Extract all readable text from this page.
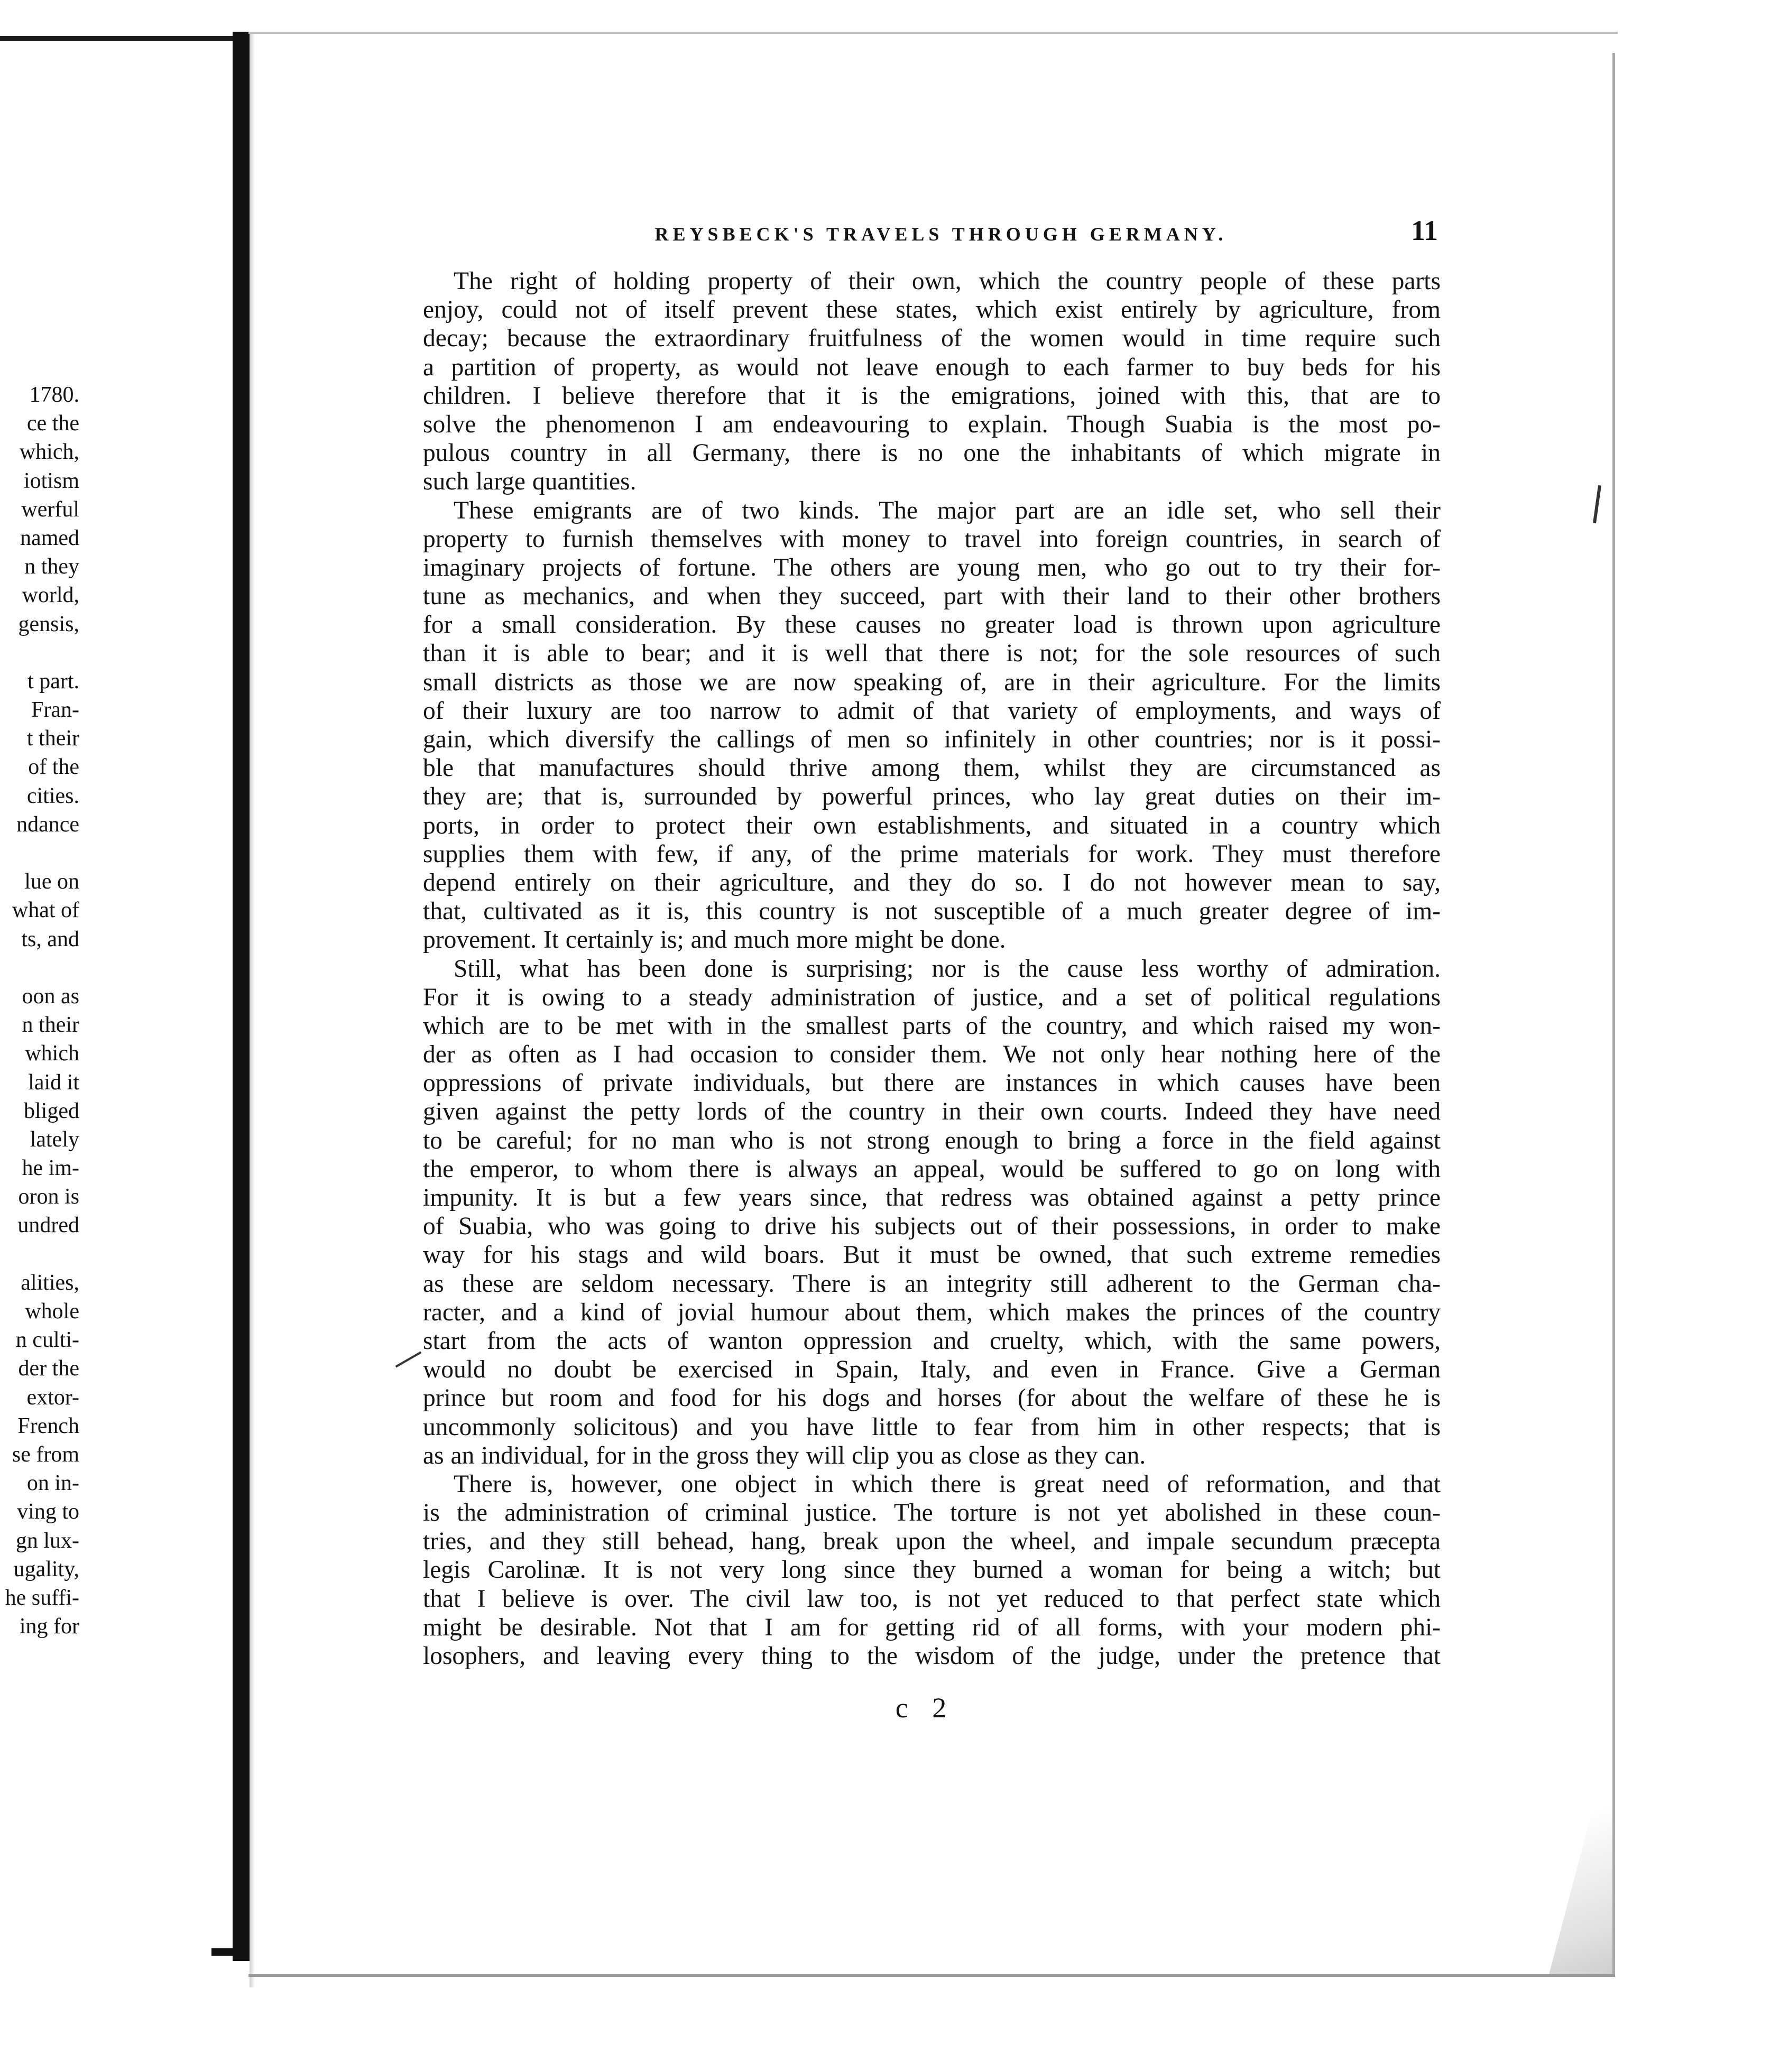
1780.
ce the
which,
iotism
werful
named
n they
world,
gensis,
t part.
Fran-
t their
of the
cities.
ndance
lue on
what of
ts, and
oon as
n their
which
laid it
bliged
lately
he im-
oron is
undred
alities,
whole
n culti-
der the
extor-
French
se from
on in-
ving to
gn lux-
ugality,
he suffi-
ing for
REYSBECK'S TRAVELS THROUGH GERMANY.	11
The right of holding property of their own, which the country people of these parts
enjoy, could not of itself prevent these states, which exist entirely by agriculture, from
decay; because the extraordinary fruitfulness of the women would in time require such
a partition of property, as would not leave enough to each farmer to buy beds for his
children. I believe therefore that it is the emigrations, joined with this, that are to
solve the phenomenon I am endeavouring to explain. Though Suabia is the most po-
pulous country in all Germany, there is no one the inhabitants of which migrate in
such large quantities.
These emigrants are of two kinds. The major part are an idle set, who sell their
property to furnish themselves with money to travel into foreign countries, in search of
imaginary projects of fortune. The others are young men, who go out to try their for-
tune as mechanics, and when they succeed, part with their land to their other brothers
for a small consideration. By these causes no greater load is thrown upon agriculture
than it is able to bear; and it is well that there is not; for the sole resources of such
small districts as those we are now speaking of, are in their agriculture. For the limits
of their luxury are too narrow to admit of that variety of employments, and ways of
gain, which diversify the callings of men so infinitely in other countries; nor is it possi-
ble that manufactures should thrive among them, whilst they are circumstanced as
they are; that is, surrounded by powerful princes, who lay great duties on their im-
ports, in order to protect their own establishments, and situated in a country which
supplies them with few, if any, of the prime materials for work. They must therefore
depend entirely on their agriculture, and they do so. I do not however mean to say,
that, cultivated as it is, this country is not susceptible of a much greater degree of im-
provement. It certainly is; and much more might be done.
Still, what has been done is surprising; nor is the cause less worthy of admiration.
For it is owing to a steady administration of justice, and a set of political regulations
which are to be met with in the smallest parts of the country, and which raised my won-
der as often as I had occasion to consider them. We not only hear nothing here of the
oppressions of private individuals, but there are instances in which causes have been
given against the petty lords of the country in their own courts. Indeed they have need
to be careful; for no man who is not strong enough to bring a force in the field against
the emperor, to whom there is always an appeal, would be suffered to go on long with
impunity. It is but a few years since, that redress was obtained against a petty prince
of Suabia, who was going to drive his subjects out of their possessions, in order to make
way for his stags and wild boars. But it must be owned, that such extreme remedies
as these are seldom necessary. There is an integrity still adherent to the German cha-
racter, and a kind of jovial humour about them, which makes the princes of the country
start from the acts of wanton oppression and cruelty, which, with the same powers,
would no doubt be exercised in Spain, Italy, and even in France. Give a German
prince but room and food for his dogs and horses (for about the welfare of these he is
uncommonly solicitous) and you have little to fear from him in other respects; that is
as an individual, for in the gross they will clip you as close as they can.
There is, however, one object in which there is great need of reformation, and that
is the administration of criminal justice. The torture is not yet abolished in these coun-
tries, and they still behead, hang, break upon the wheel, and impale secundum præcepta
legis Carolinæ. It is not very long since they burned a woman for being a witch; but
that I believe is over. The civil law too, is not yet reduced to that perfect state which
might be desirable. Not that I am for getting rid of all forms, with your modern phi-
losophers, and leaving every thing to the wisdom of the judge, under the pretence that
c 2
